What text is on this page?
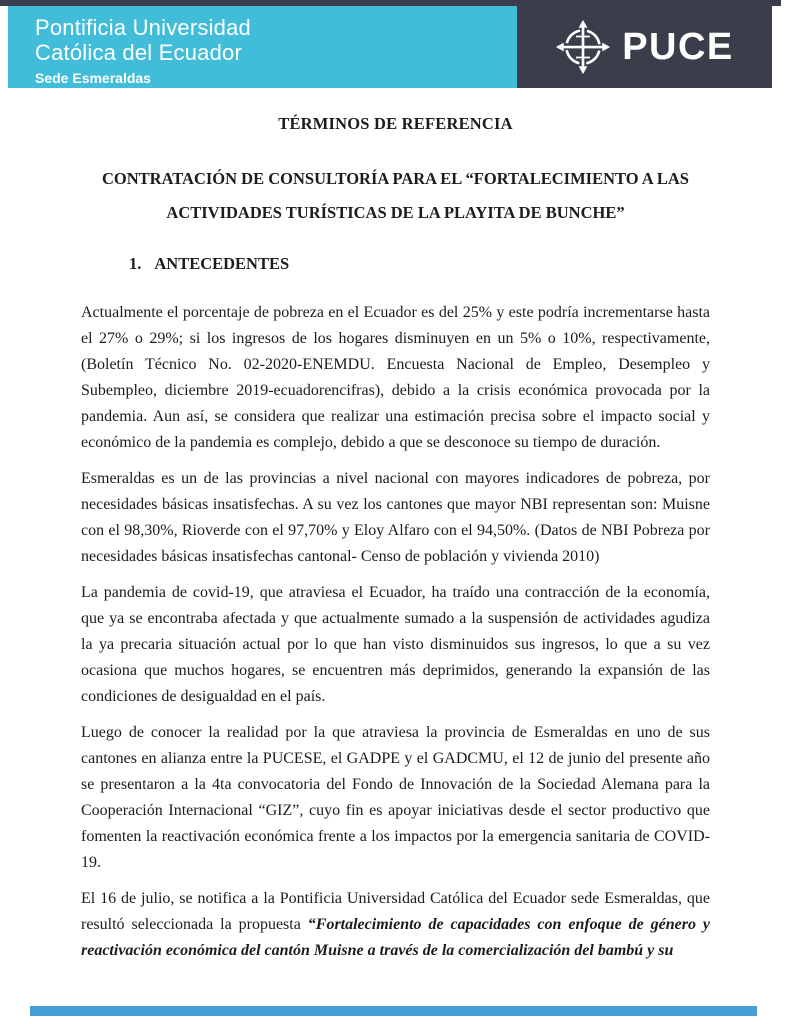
Pontificia Universidad
Católica del Ecuador
Sede Esmeraldas
Vinculación con la Colectividad
PUCE
TÉRMINOS DE REFERENCIA
CONTRATACIÓN DE CONSULTORÍA PARA EL “FORTALECIMIENTO A LAS ACTIVIDADES TURÍSTICAS DE LA PLAYITA DE BUNCHE”
1. ANTECEDENTES

Actualmente el porcentaje de pobreza en el Ecuador es del 25% y este podría incrementarse hasta el 27% o 29%; si los ingresos de los hogares disminuyen en un 5% o 10%, respectivamente, (Boletín Técnico No. 02-2020-ENEMDU. Encuesta Nacional de Empleo, Desempleo y Subempleo, diciembre 2019-ecuadorencifras), debido a la crisis económica provocada por la pandemia. Aun así, se considera que realizar una estimación precisa sobre el impacto social y económico de la pandemia es complejo, debido a que se desconoce su tiempo de duración.

Esmeraldas es un de las provincias a nivel nacional con mayores indicadores de pobreza, por necesidades básicas insatisfechas. A su vez los cantones que mayor NBI representan son: Muisne con el 98,30%, Rioverde con el 97,70% y Eloy Alfaro con el 94,50%. (Datos de NBI Pobreza por necesidades básicas insatisfechas cantonal- Censo de población y vivienda 2010)

La pandemia de covid-19, que atraviesa el Ecuador, ha traído una contracción de la economía, que ya se encontraba afectada y que actualmente sumado a la suspensión de actividades agudiza la ya precaria situación actual por lo que han visto disminuidos sus ingresos, lo que a su vez ocasiona que muchos hogares, se encuentren más deprimidos, generando la expansión de las condiciones de desigualdad en el país.

Luego de conocer la realidad por la que atraviesa la provincia de Esmeraldas en uno de sus cantones en alianza entre la PUCESE, el GADPE y el GADCMU, el 12 de junio del presente año se presentaron a la 4ta convocatoria del Fondo de Innovación de la Sociedad Alemana para la Cooperación Internacional “GIZ”, cuyo fin es apoyar iniciativas desde el sector productivo que fomenten la reactivación económica frente a los impactos por la emergencia sanitaria de COVID-19.

El 16 de julio, se notifica a la Pontificia Universidad Católica del Ecuador sede Esmeraldas, que resultó seleccionada la propuesta “Fortalecimiento de capacidades con enfoque de género y reactivación económica del cantón Muisne a través de la comercialización del bambú y su
